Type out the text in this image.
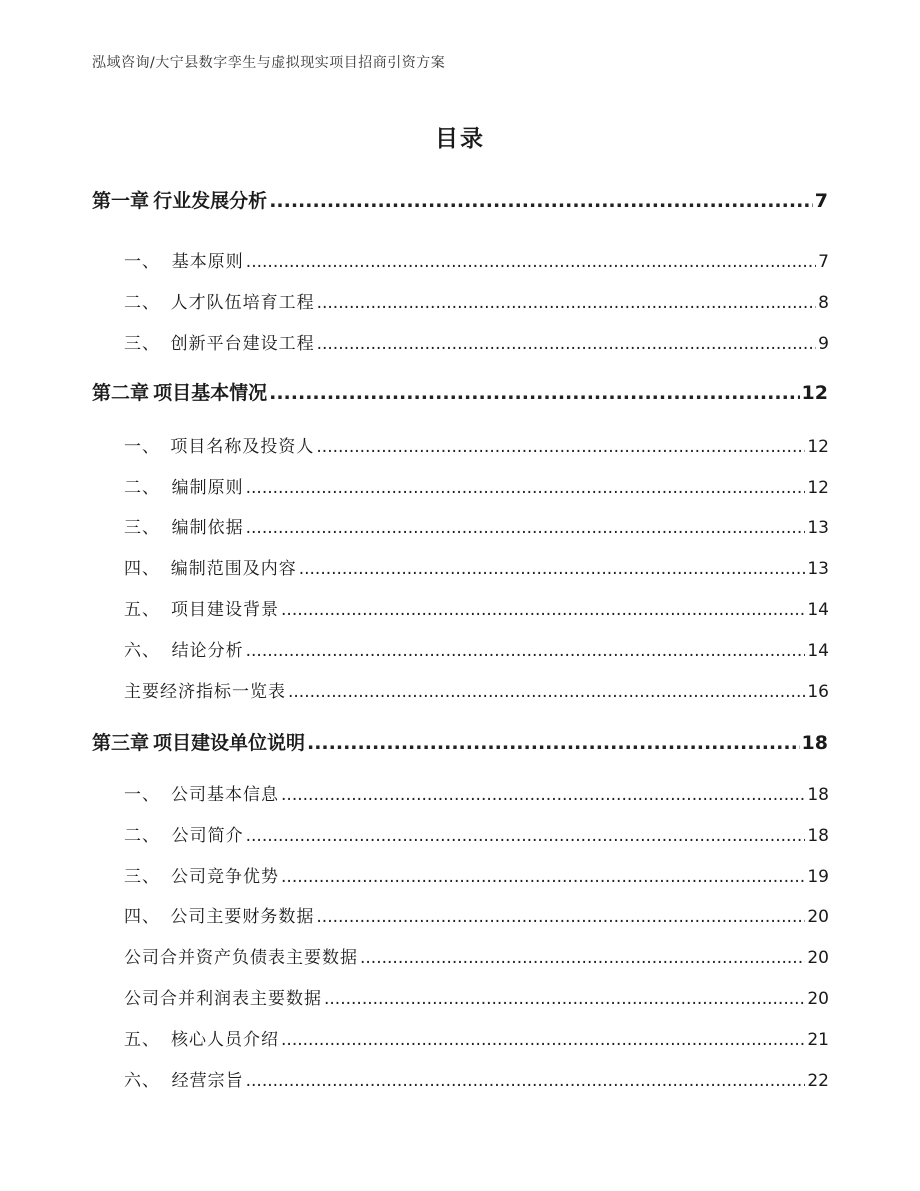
泓域咨询/大宁县数字孪生与虚拟现实项目招商引资方案
目录
第一章 行业发展分析 .....	7
一、 基本原则 .....	7
二、 人才队伍培育工程 .....	8
三、 创新平台建设工程 .....	9
第二章 项目基本情况 .....	12
一、 项目名称及投资人 .....	12
二、 编制原则 .....	12
三、 编制依据 .....	13
四、 编制范围及内容 .....	13
五、 项目建设背景 .....	14
六、 结论分析 .....	14
主要经济指标一览表 .....	16
第三章 项目建设单位说明 .....	18
一、 公司基本信息 .....	18
二、 公司简介 .....	18
三、 公司竞争优势 .....	19
四、 公司主要财务数据 .....	20
公司合并资产负债表主要数据 .....	20
公司合并利润表主要数据 .....	20
五、 核心人员介绍 .....	21
六、 经营宗旨 .....	22
